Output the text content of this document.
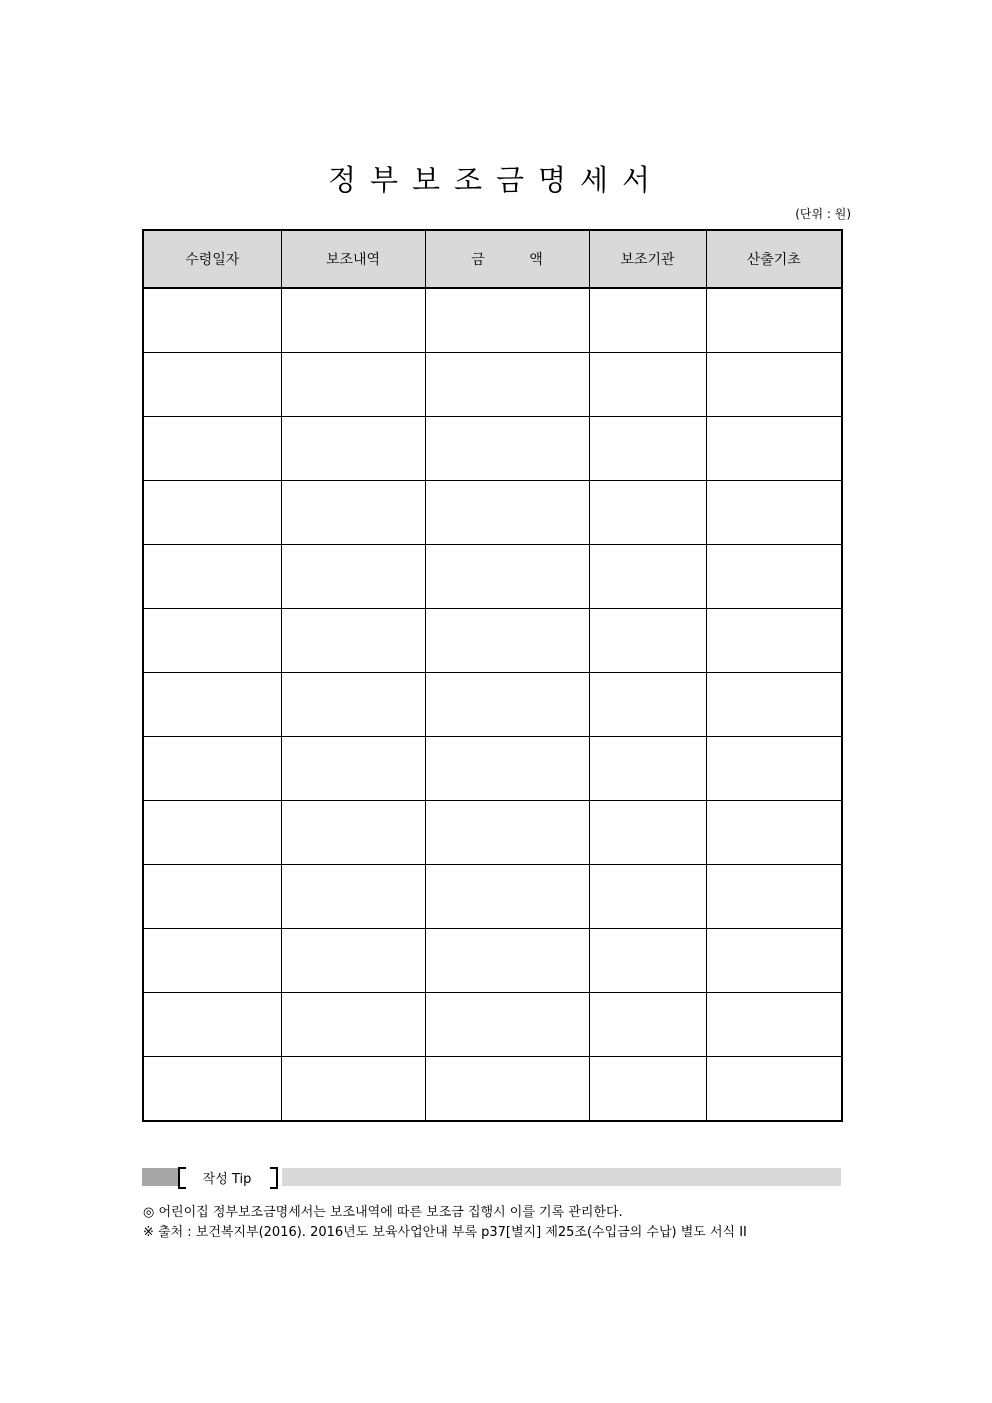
정부보조금명세서
(단위 : 원)
수령일자	보조내역	금 액	보조기관	산출기초

작성 Tip

◎ 어린이집 정부보조금명세서는 보조내역에 따른 보조금 집행시 이를 기록 관리한다.

※ 출처 : 보건복지부(2016). 2016년도 보육사업안내 부록 p37[별지] 제25조(수입금의 수납) 별도 서식 II
